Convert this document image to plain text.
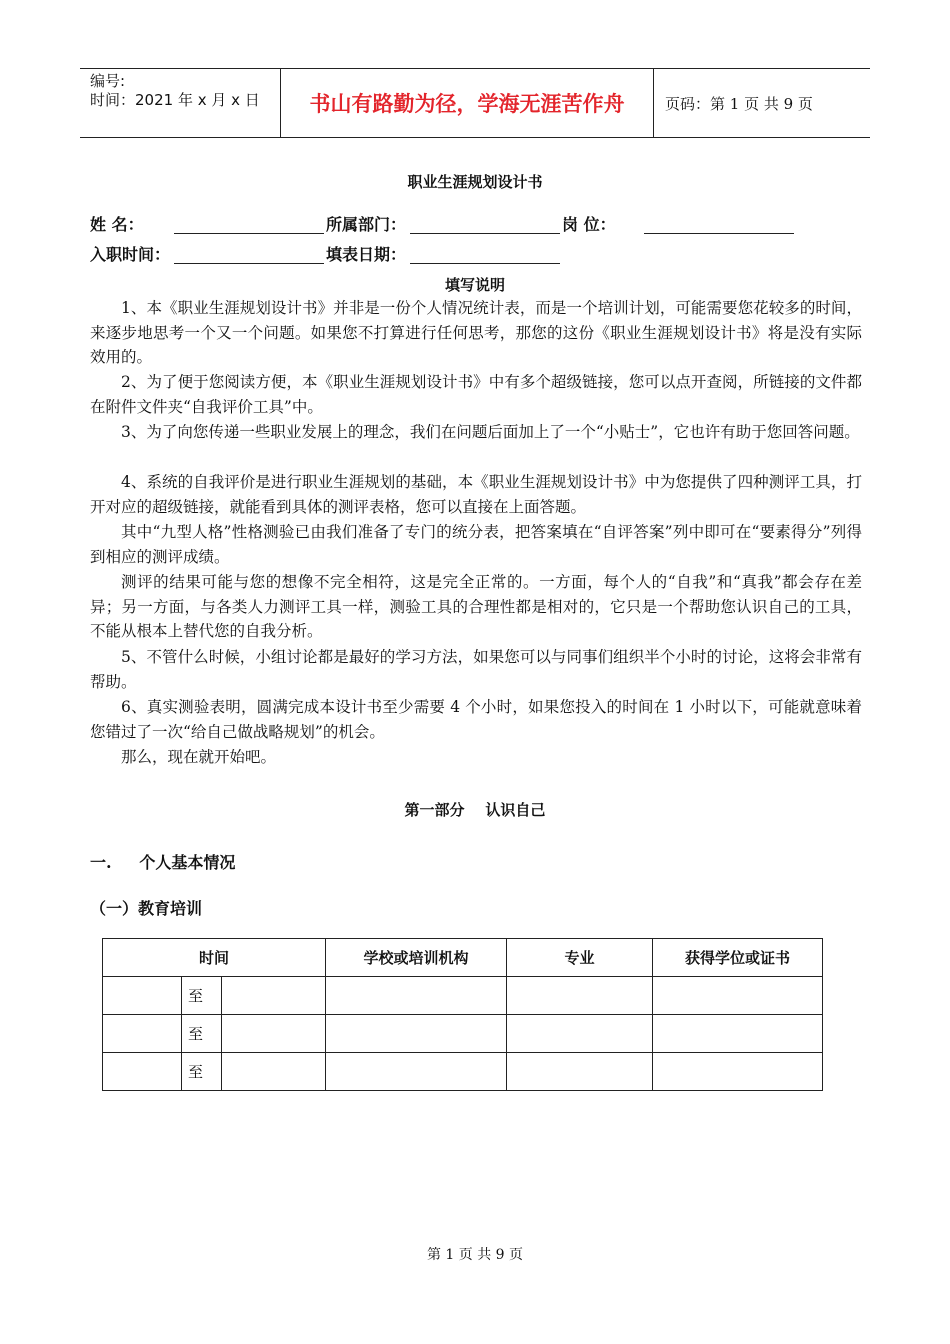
编号:
时间：2021 年 x 月 x 日	书山有路勤为径，学海无涯苦作舟	页码：第 1 页 共 9 页
职业生涯规划设计书
姓 名：	所属部门：	岗 位：
入职时间：	填表日期：
填写说明

1、本《职业生涯规划设计书》并非是一份个人情况统计表，而是一个培训计划，可能需要您花较多的时间，来逐步地思考一个又一个问题。如果您不打算进行任何思考，那您的这份《职业生涯规划设计书》将是没有实际效用的。

2、为了便于您阅读方便，本《职业生涯规划设计书》中有多个超级链接，您可以点开查阅，所链接的文件都在附件文件夹“自我评价工具”中。

3、为了向您传递一些职业发展上的理念，我们在问题后面加上了一个“小贴士”，它也许有助于您回答问题。

4、系统的自我评价是进行职业生涯规划的基础，本《职业生涯规划设计书》中为您提供了四种测评工具，打开对应的超级链接，就能看到具体的测评表格，您可以直接在上面答题。

其中“九型人格”性格测验已由我们准备了专门的统分表，把答案填在“自评答案”列中即可在“要素得分”列得到相应的测评成绩。

测评的结果可能与您的想像不完全相符，这是完全正常的。一方面，每个人的“自我”和“真我”都会存在差异；另一方面，与各类人力测评工具一样，测验工具的合理性都是相对的，它只是一个帮助您认识自己的工具，不能从根本上替代您的自我分析。

5、不管什么时候，小组讨论都是最好的学习方法，如果您可以与同事们组织半个小时的讨论，这将会非常有帮助。

6、真实测验表明，圆满完成本设计书至少需要 4 个小时，如果您投入的时间在 1 小时以下，可能就意味着您错过了一次“给自己做战略规划”的机会。

那么，现在就开始吧。

第一部分    认识自己
一.     个人基本情况
（一）教育培训
时间			学校或培训机构	专业	获得学位或证书
	至				
	至				
	至				
第 1 页 共 9 页
